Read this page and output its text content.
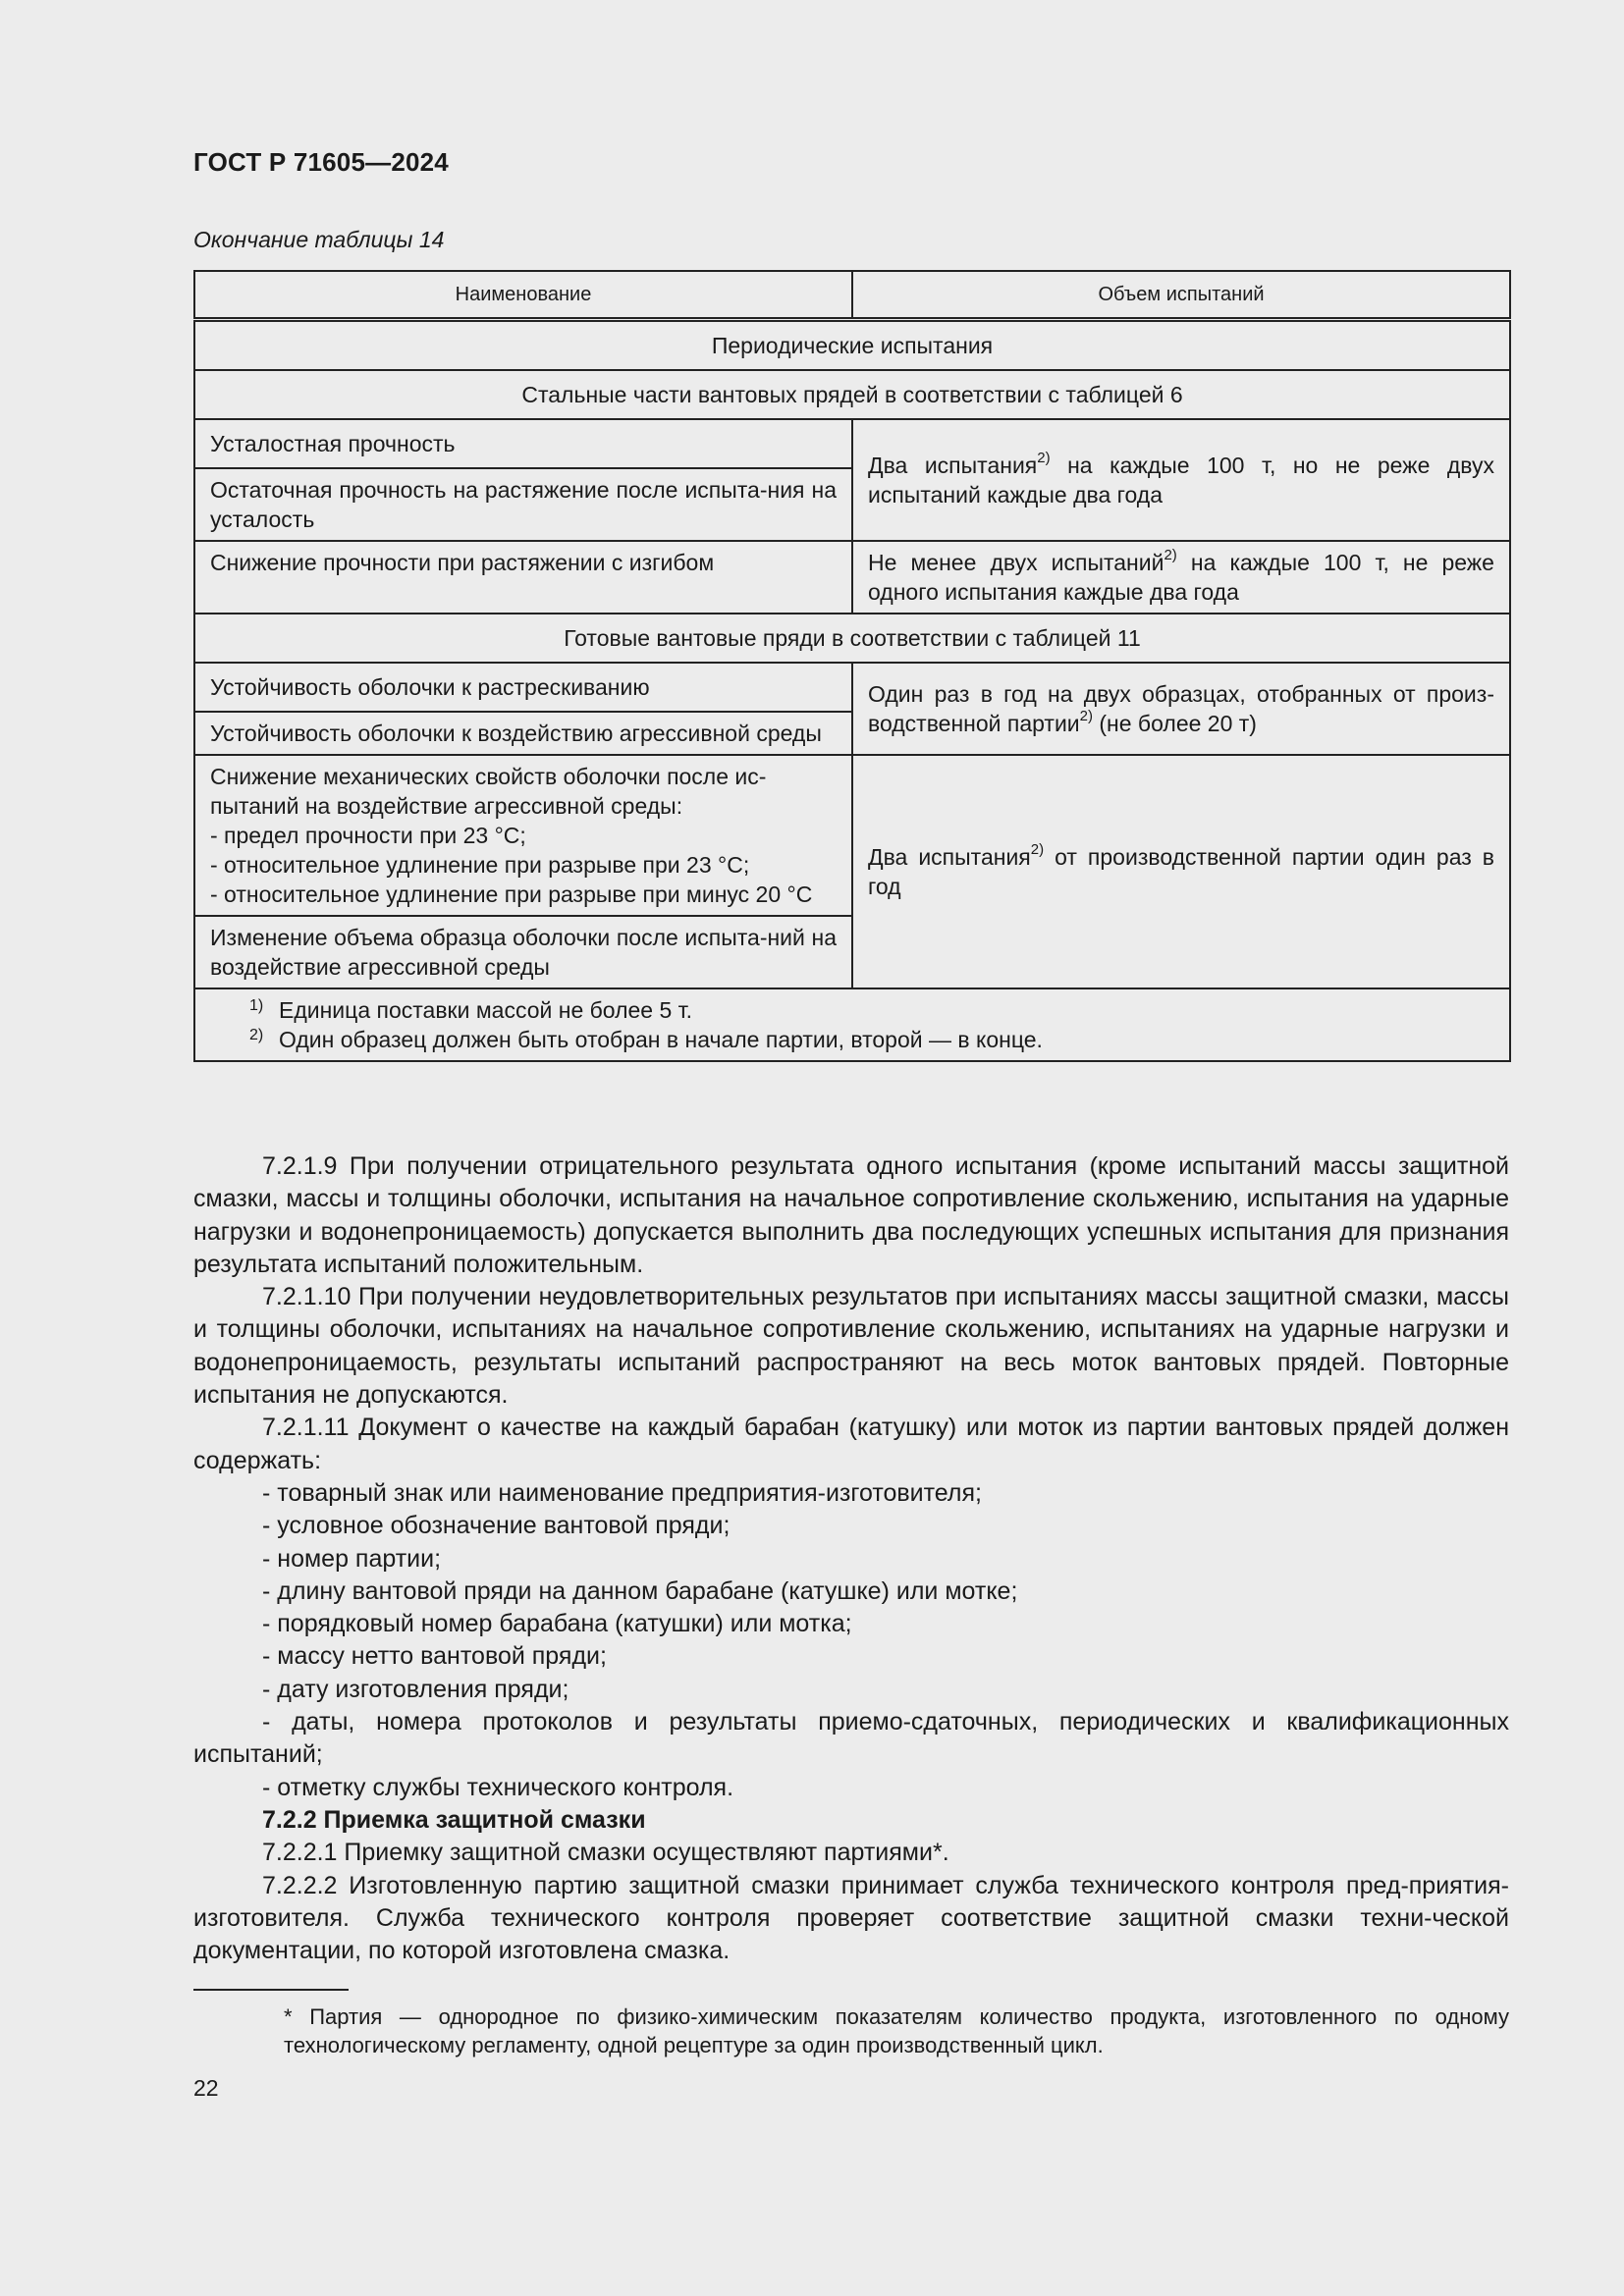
ГОСТ Р 71605—2024
Окончание таблицы 14
Наименование	Объем испытаний
Периодические испытания	
Стальные части вантовых прядей в соответствии с таблицей 6	
Усталостная прочность	Два испытания$^{2)}$ на каждые 100 т, но не реже двух испытаний каждые два года
Остаточная прочность на растяжение после испыта-ния на усталость	
Снижение прочности при растяжении с изгибом	Не менее двух испытаний$^{2)}$ на каждые 100 т, не реже одного испытания каждые два года
Готовые вантовые пряди в соответствии с таблицей 11	
Устойчивость оболочки к растрескиванию	Один раз в год на двух образцах, отобранных от произ-водственной партии$^{2)}$ (не более 20 т)
Устойчивость оболочки к воздействию агрессивной среды	

Снижение механических свойств оболочки после ис-пытаний на воздействие агрессивной среды:
- предел прочности при 23 °C;
- относительное удлинение при разрыве при 23 °C;
- относительное удлинение при разрыве при минус 20 °C	Два испытания$^{2)}$ от производственной партии один раз в год
Изменение объема образца оболочки после испыта-ний на воздействие агрессивной среды	

1) Единица поставки массой не более 5 т.
2) Один образец должен быть отобран в начале партии, второй — в конце.	

7.2.1.9 При получении отрицательного результата одного испытания (кроме испытаний массы защитной смазки, массы и толщины оболочки, испытания на начальное сопротивление скольжению, испытания на ударные нагрузки и водонепроницаемость) допускается выполнить два последующих успешных испытания для признания результата испытаний положительным.

7.2.1.10 При получении неудовлетворительных результатов при испытаниях массы защитной смазки, массы и толщины оболочки, испытаниях на начальное сопротивление скольжению, испытаниях на ударные нагрузки и водонепроницаемость, результаты испытаний распространяют на весь моток вантовых прядей. Повторные испытания не допускаются.

7.2.1.11 Документ о качестве на каждый барабан (катушку) или моток из партии вантовых прядей должен содержать:

- товарный знак или наименование предприятия-изготовителя;

- условное обозначение вантовой пряди;

- номер партии;

- длину вантовой пряди на данном барабане (катушке) или мотке;

- порядковый номер барабана (катушки) или мотка;

- массу нетто вантовой пряди;

- дату изготовления пряди;

- даты, номера протоколов и результаты приемо-сдаточных, периодических и квалификационных испытаний;

- отметку службы технического контроля.

7.2.2 Приемка защитной смазки

7.2.2.1 Приемку защитной смазки осуществляют партиями*.

7.2.2.2 Изготовленную партию защитной смазки принимает служба технического контроля пред-приятия-изготовителя. Служба технического контроля проверяет соответствие защитной смазки техни-ческой документации, по которой изготовлена смазка.

* Партия — однородное по физико-химическим показателям количество продукта, изготовленного по одному технологическому регламенту, одной рецептуре за один производственный цикл.
22
